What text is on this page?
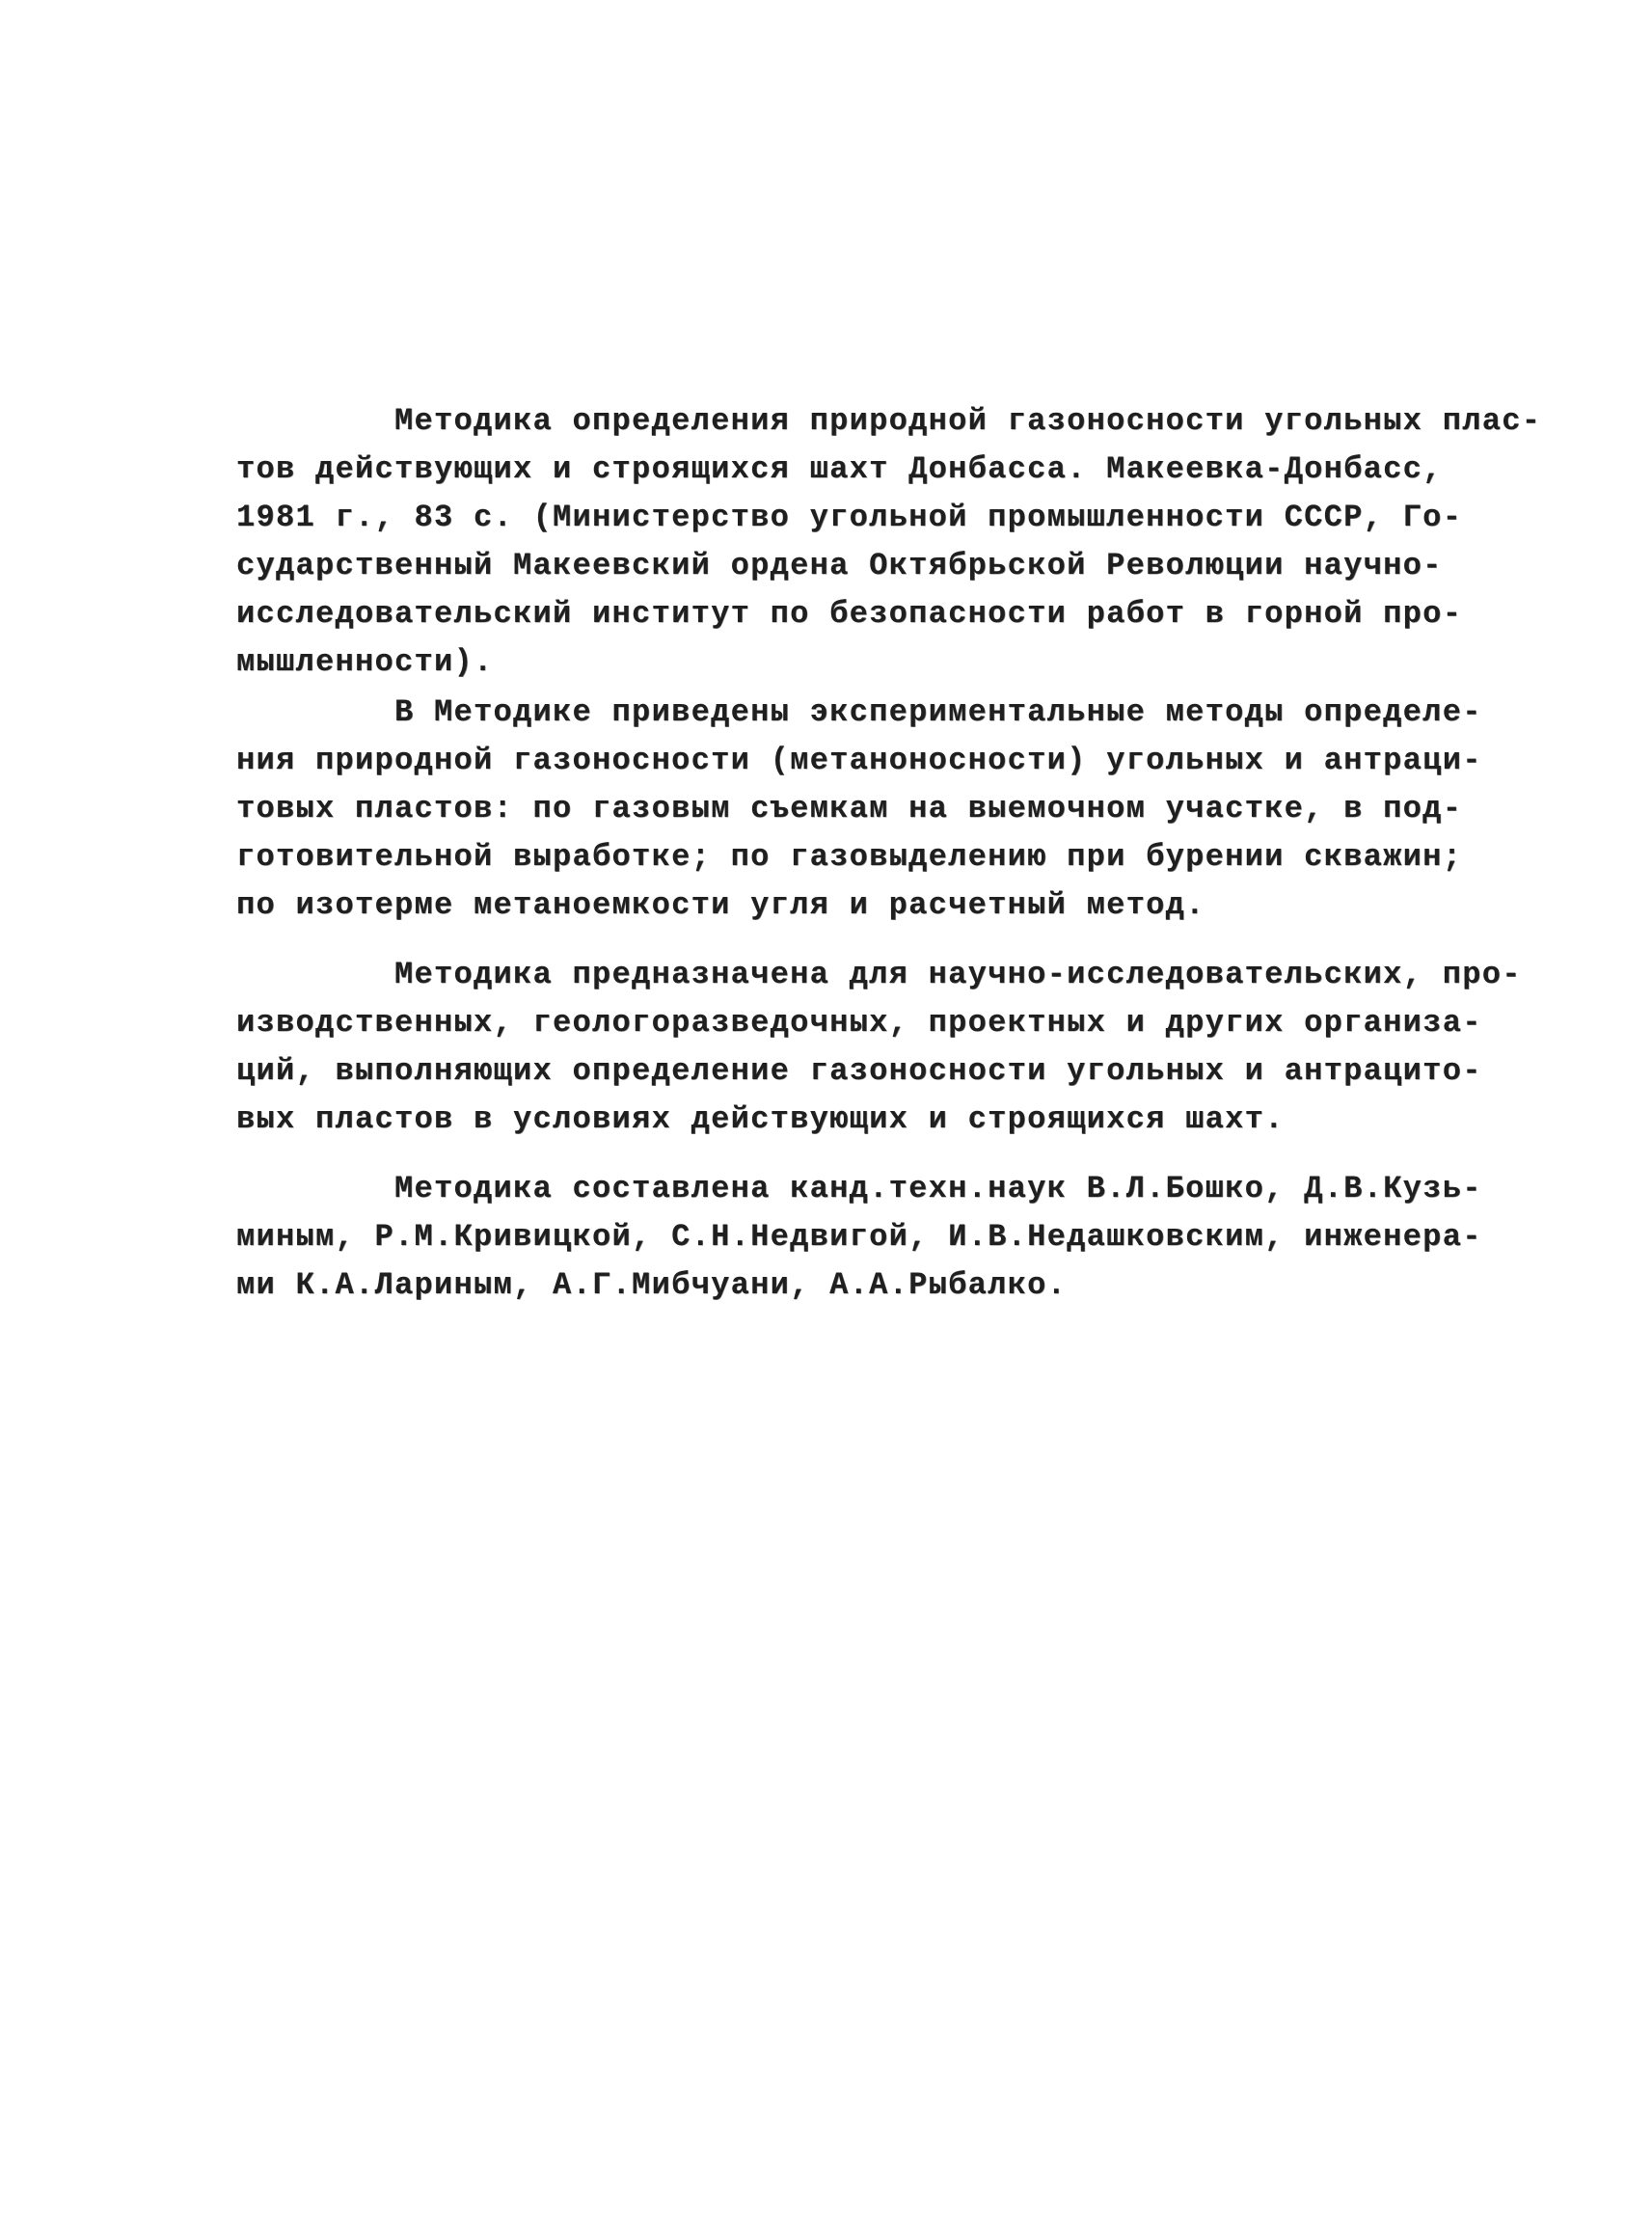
Методика определения природной газоносности угольных плас-
тов действующих и строящихся шахт Донбасса. Макеевка-Донбасс,
1981 г., 83 с. (Министерство угольной промышленности СССР, Го-
сударственный Макеевский ордена Октябрьской Революции научно-
исследовательский институт по безопасности работ в горной про-
мышленности).
В Методике приведены экспериментальные методы определе-
ния природной газоносности (метаноносности) угольных и антраци-
товых пластов: по газовым съемкам на выемочном участке, в под-
готовительной выработке; по газовыделению при бурении скважин;
по изотерме метаноемкости угля и расчетный метод.
Методика предназначена для научно-исследовательских, про-
изводственных, геологоразведочных, проектных и других организа-
ций, выполняющих определение газоносности угольных и антрацито-
вых пластов в условиях действующих и строящихся шахт.
Методика составлена канд.техн.наук В.Л.Бошко, Д.В.Кузь-
миным, Р.М.Кривицкой, С.Н.Недвигой, И.В.Недашковским, инженера-
ми К.А.Лариным, А.Г.Мибчуани, А.А.Рыбалко.
